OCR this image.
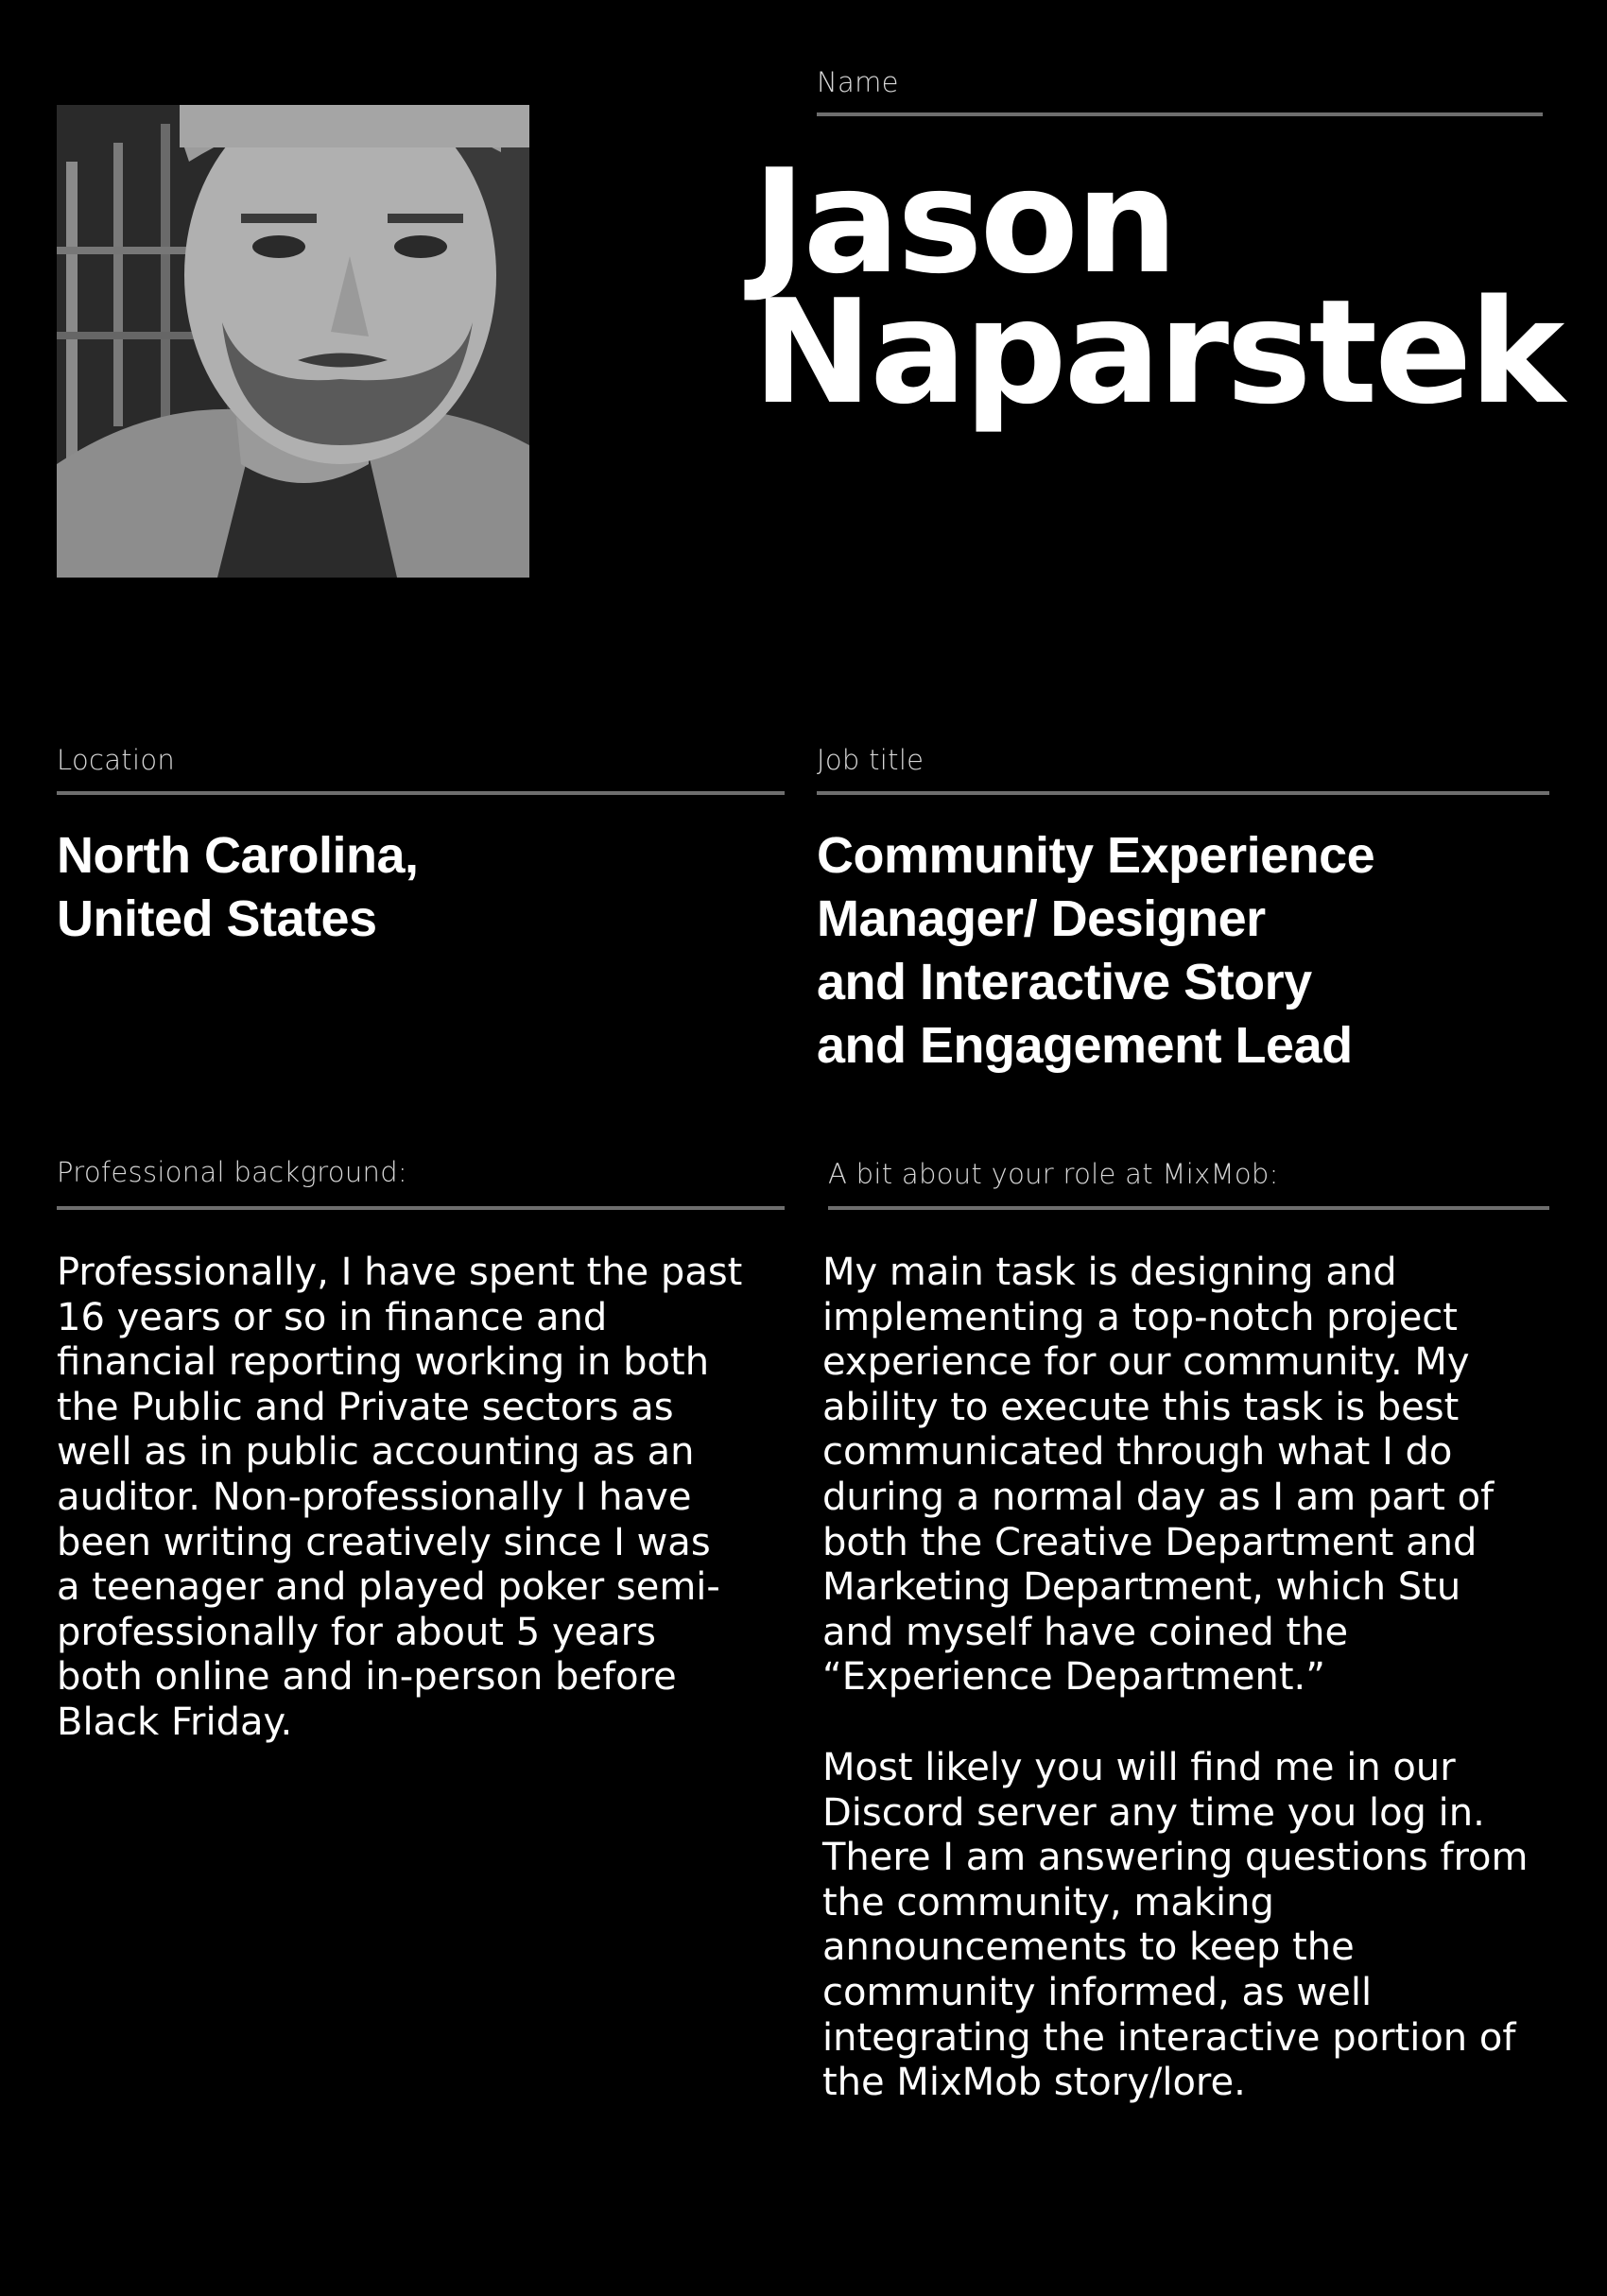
Name
Jason
Naparstek
Location
North Carolina,
United States
Job title
Community Experience
Manager/ Designer
and Interactive Story
and Engagement Lead
Professional background:
Professionally, I have spent the past
16 years or so in finance and
financial reporting working in both
the Public and Private sectors as
well as in public accounting as an
auditor. Non-professionally I have
been writing creatively since I was
a teenager and played poker semi-
professionally for about 5 years
both online and in-person before
Black Friday.
A bit about your role at MixMob:
My main task is designing and
implementing a top-notch project
experience for our community. My
ability to execute this task is best
communicated through what I do
during a normal day as I am part of
both the Creative Department and
Marketing Department, which Stu
and myself have coined the
“Experience Department.”
Most likely you will find me in our
Discord server any time you log in.
There I am answering questions from
the community, making
announcements to keep the
community informed, as well
integrating the interactive portion of
the MixMob story/lore.
